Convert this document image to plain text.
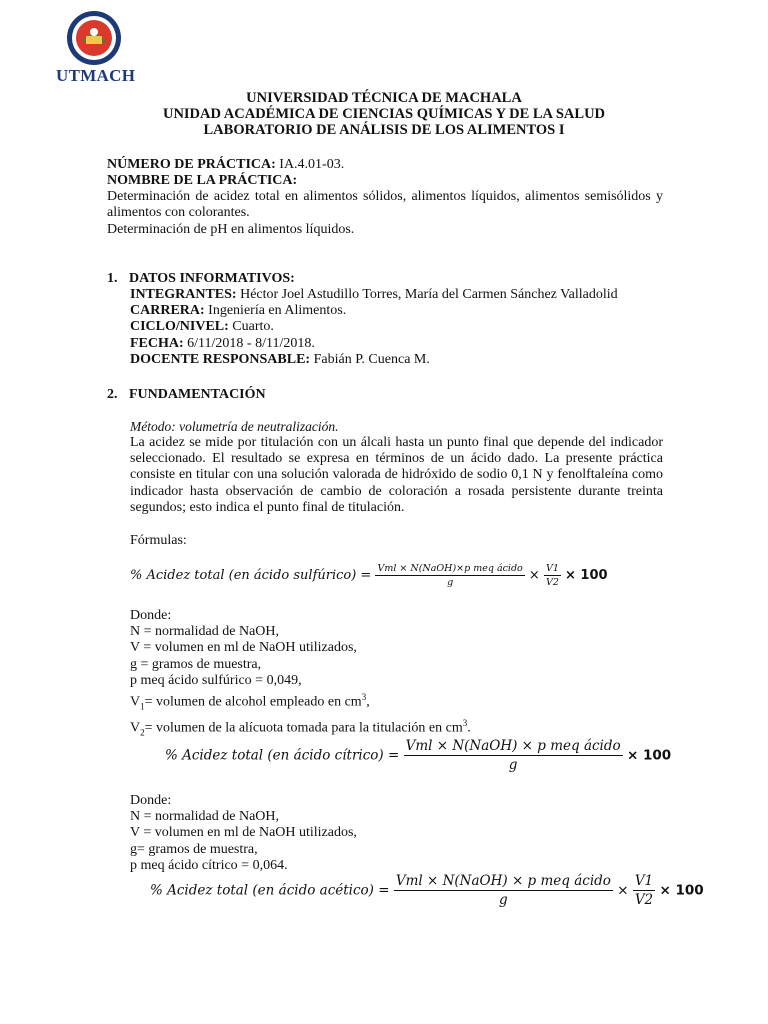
UTMACH
UNIVERSIDAD TÉCNICA DE MACHALA
UNIDAD ACADÉMICA DE CIENCIAS QUÍMICAS Y DE LA SALUD
LABORATORIO DE ANÁLISIS DE LOS ALIMENTOS I
NÚMERO DE PRÁCTICA: IA.4.01-03.
NOMBRE DE LA PRÁCTICA:
Determinación de acidez total en alimentos sólidos, alimentos líquidos, alimentos semisólidos y alimentos con colorantes.
Determinación de pH en alimentos líquidos.
1. DATOS INFORMATIVOS:
INTEGRANTES: Héctor Joel Astudillo Torres, María del Carmen Sánchez Valladolid
CARRERA: Ingeniería en Alimentos.
CICLO/NIVEL: Cuarto.
FECHA: 6/11/2018 - 8/11/2018.
DOCENTE RESPONSABLE: Fabián P. Cuenca M.
2. FUNDAMENTACIÓN
Método: volumetría de neutralización.
La acidez se mide por titulación con un álcali hasta un punto final que depende del indicador seleccionado. El resultado se expresa en términos de un ácido dado. La presente práctica consiste en titular con una solución valorada de hidróxido de sodio 0,1 N y fenolftaleína como indicador hasta observación de cambio de coloración a rosada persistente durante treinta segundos; esto indica el punto final de titulación.
Fórmulas:
% Acidez total (en ácido sulfúrico) = $\frac{\text{Vml × N(NaOH)×p meq ácido}}{g} \times \frac{V1}{V2} \times 100$
Donde:
N = normalidad de NaOH,
V = volumen en ml de NaOH utilizados,
g = gramos de muestra,
p meq ácido sulfúrico = 0,049,
$V_1=$ volumen de alcohol empleado en $cm^3$,
$V_2=$ volumen de la alícuota tomada para la titulación en $cm^3$.
% Acidez total (en ácido cítrico) = $\frac{\text{Vml × N(NaOH) × p meq ácido}}{g} \times 100$
Donde:
N = normalidad de NaOH,
V = volumen en ml de NaOH utilizados,
g= gramos de muestra,
p meq ácido cítrico = 0,064.
% Acidez total (en ácido acético) = $\frac{\text{Vml × N(NaOH) × p meq ácido}}{g} \times \frac{V1}{V2} \times 100$
